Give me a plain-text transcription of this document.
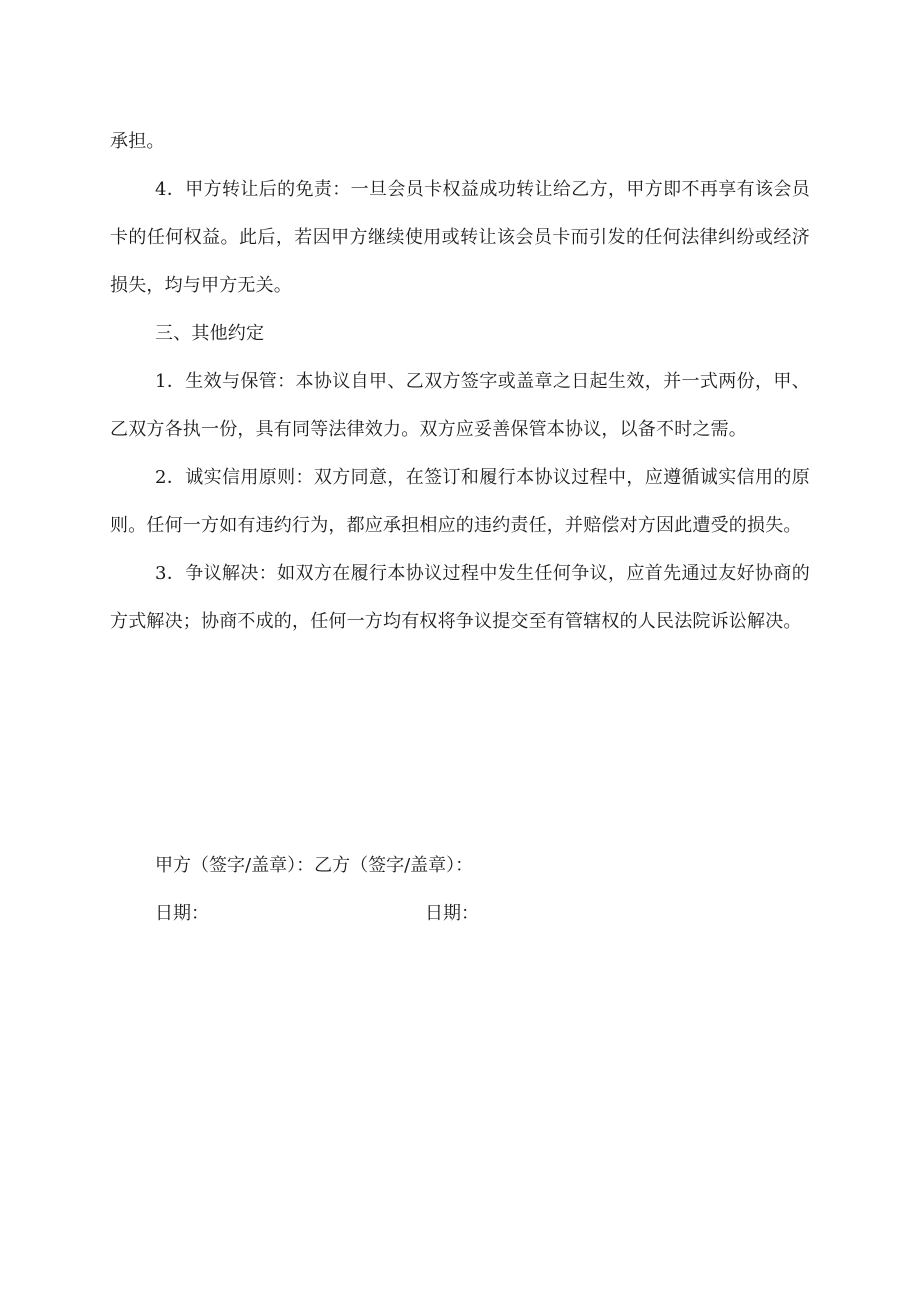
承担。

4．甲方转让后的免责：一旦会员卡权益成功转让给乙方，甲方即不再享有该会员卡的任何权益。此后，若因甲方继续使用或转让该会员卡而引发的任何法律纠纷或经济损失，均与甲方无关。

三、其他约定

1．生效与保管：本协议自甲、乙双方签字或盖章之日起生效，并一式两份，甲、乙双方各执一份，具有同等法律效力。双方应妥善保管本协议，以备不时之需。

2．诚实信用原则：双方同意，在签订和履行本协议过程中，应遵循诚实信用的原则。任何一方如有违约行为，都应承担相应的违约责任，并赔偿对方因此遭受的损失。

3．争议解决：如双方在履行本协议过程中发生任何争议，应首先通过友好协商的方式解决；协商不成的，任何一方均有权将争议提交至有管辖权的人民法院诉讼解决。

甲方（签字/盖章）：乙方（签字/盖章）：
日期：	日期：
